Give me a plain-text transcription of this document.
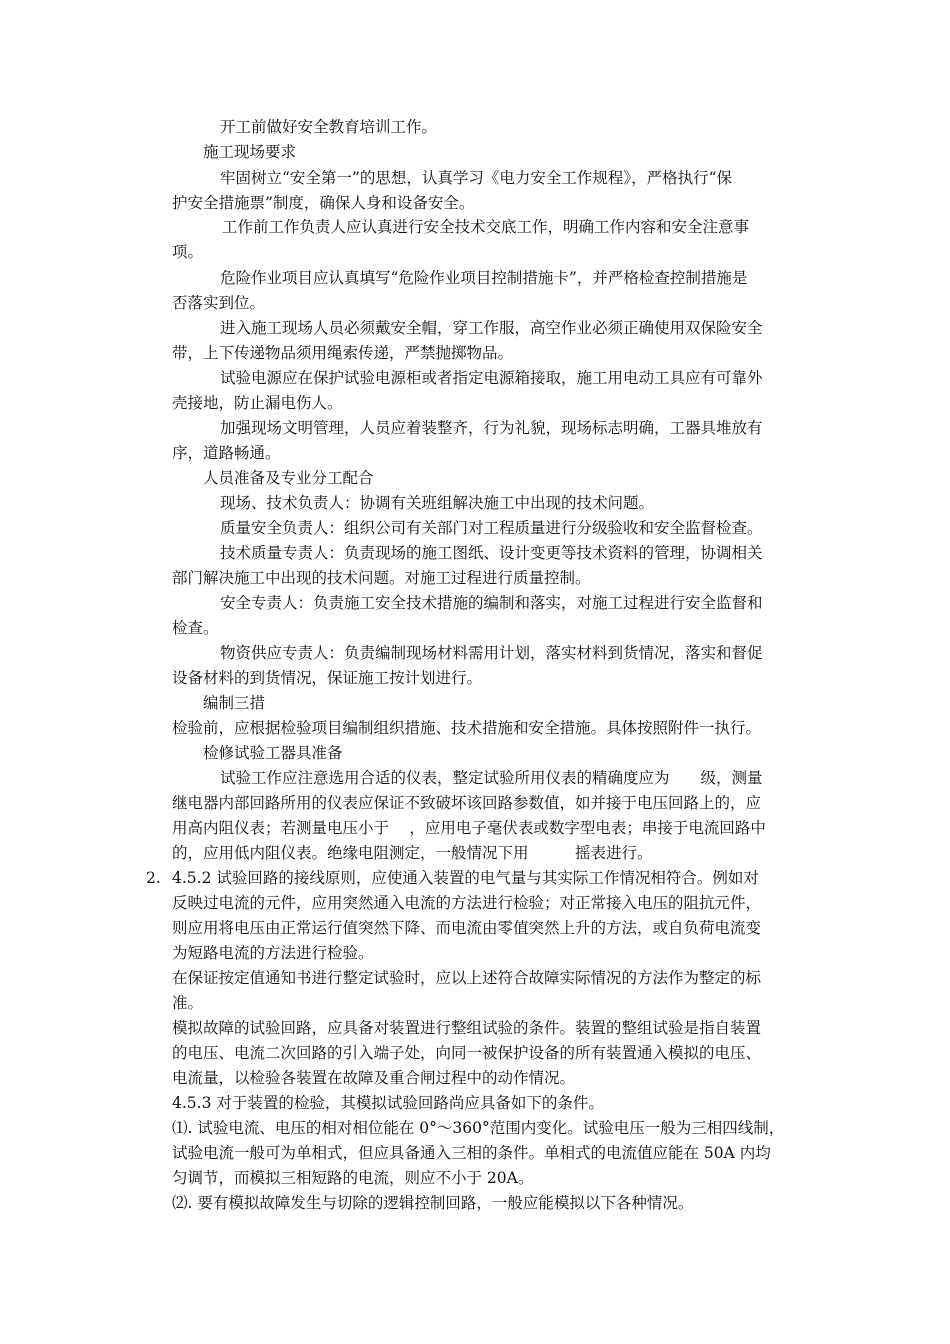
开工前做好安全教育培训工作。
施工现场要求
牢固树立“安全第一”的思想，认真学习《电力安全工作规程》，严格执行“保
护安全措施票”制度，确保人身和设备安全。
工作前工作负责人应认真进行安全技术交底工作，明确工作内容和安全注意事
项。
危险作业项目应认真填写“危险作业项目控制措施卡”，并严格检查控制措施是
否落实到位。
进入施工现场人员必须戴安全帽，穿工作服，高空作业必须正确使用双保险安全
带，上下传递物品须用绳索传递，严禁抛掷物品。
试验电源应在保护试验电源柜或者指定电源箱接取，施工用电动工具应有可靠外
壳接地，防止漏电伤人。
加强现场文明管理，人员应着装整齐，行为礼貌，现场标志明确，工器具堆放有
序，道路畅通。
人员准备及专业分工配合
现场、技术负责人：协调有关班组解决施工中出现的技术问题。
质量安全负责人：组织公司有关部门对工程质量进行分级验收和安全监督检查。
技术质量专责人：负责现场的施工图纸、设计变更等技术资料的管理，协调相关
部门解决施工中出现的技术问题。对施工过程进行质量控制。
安全专责人：负责施工安全技术措施的编制和落实，对施工过程进行安全监督和
检查。
物资供应专责人：负责编制现场材料需用计划，落实材料到货情况，落实和督促
设备材料的到货情况，保证施工按计划进行。
编制三措
检验前，应根据检验项目编制组织措施、技术措施和安全措施。具体按照附件一执行。
检修试验工器具准备
试验工作应注意选用合适的仪表，整定试验所用仪表的精确度应为　　级，测量
继电器内部回路所用的仪表应保证不致破坏该回路参数值，如并接于电压回路上的，应
用高内阻仪表；若测量电压小于　 ，应用电子毫伏表或数字型电表；串接于电流回路中
的，应用低内阻仪表。绝缘电阻测定，一般情况下用　　　摇表进行。
2. 4.5.2 试验回路的接线原则，应使通入装置的电气量与其实际工作情况相符合。例如对
反映过电流的元件，应用突然通入电流的方法进行检验；对正常接入电压的阻抗元件，
则应用将电压由正常运行值突然下降、而电流由零值突然上升的方法，或自负荷电流变
为短路电流的方法进行检验。
在保证按定值通知书进行整定试验时，应以上述符合故障实际情况的方法作为整定的标
准。
模拟故障的试验回路，应具备对装置进行整组试验的条件。装置的整组试验是指自装置
的电压、电流二次回路的引入端子处，向同一被保护设备的所有装置通入模拟的电压、
电流量，以检验各装置在故障及重合闸过程中的动作情况。
4.5.3 对于装置的检验，其模拟试验回路尚应具备如下的条件。
⑴. 试验电流、电压的相对相位能在 0°～360°范围内变化。试验电压一般为三相四线制，
试验电流一般可为单相式，但应具备通入三相的条件。单相式的电流值应能在 50A 内均
匀调节，而模拟三相短路的电流，则应不小于 20A。
⑵. 要有模拟故障发生与切除的逻辑控制回路，一般应能模拟以下各种情况。
